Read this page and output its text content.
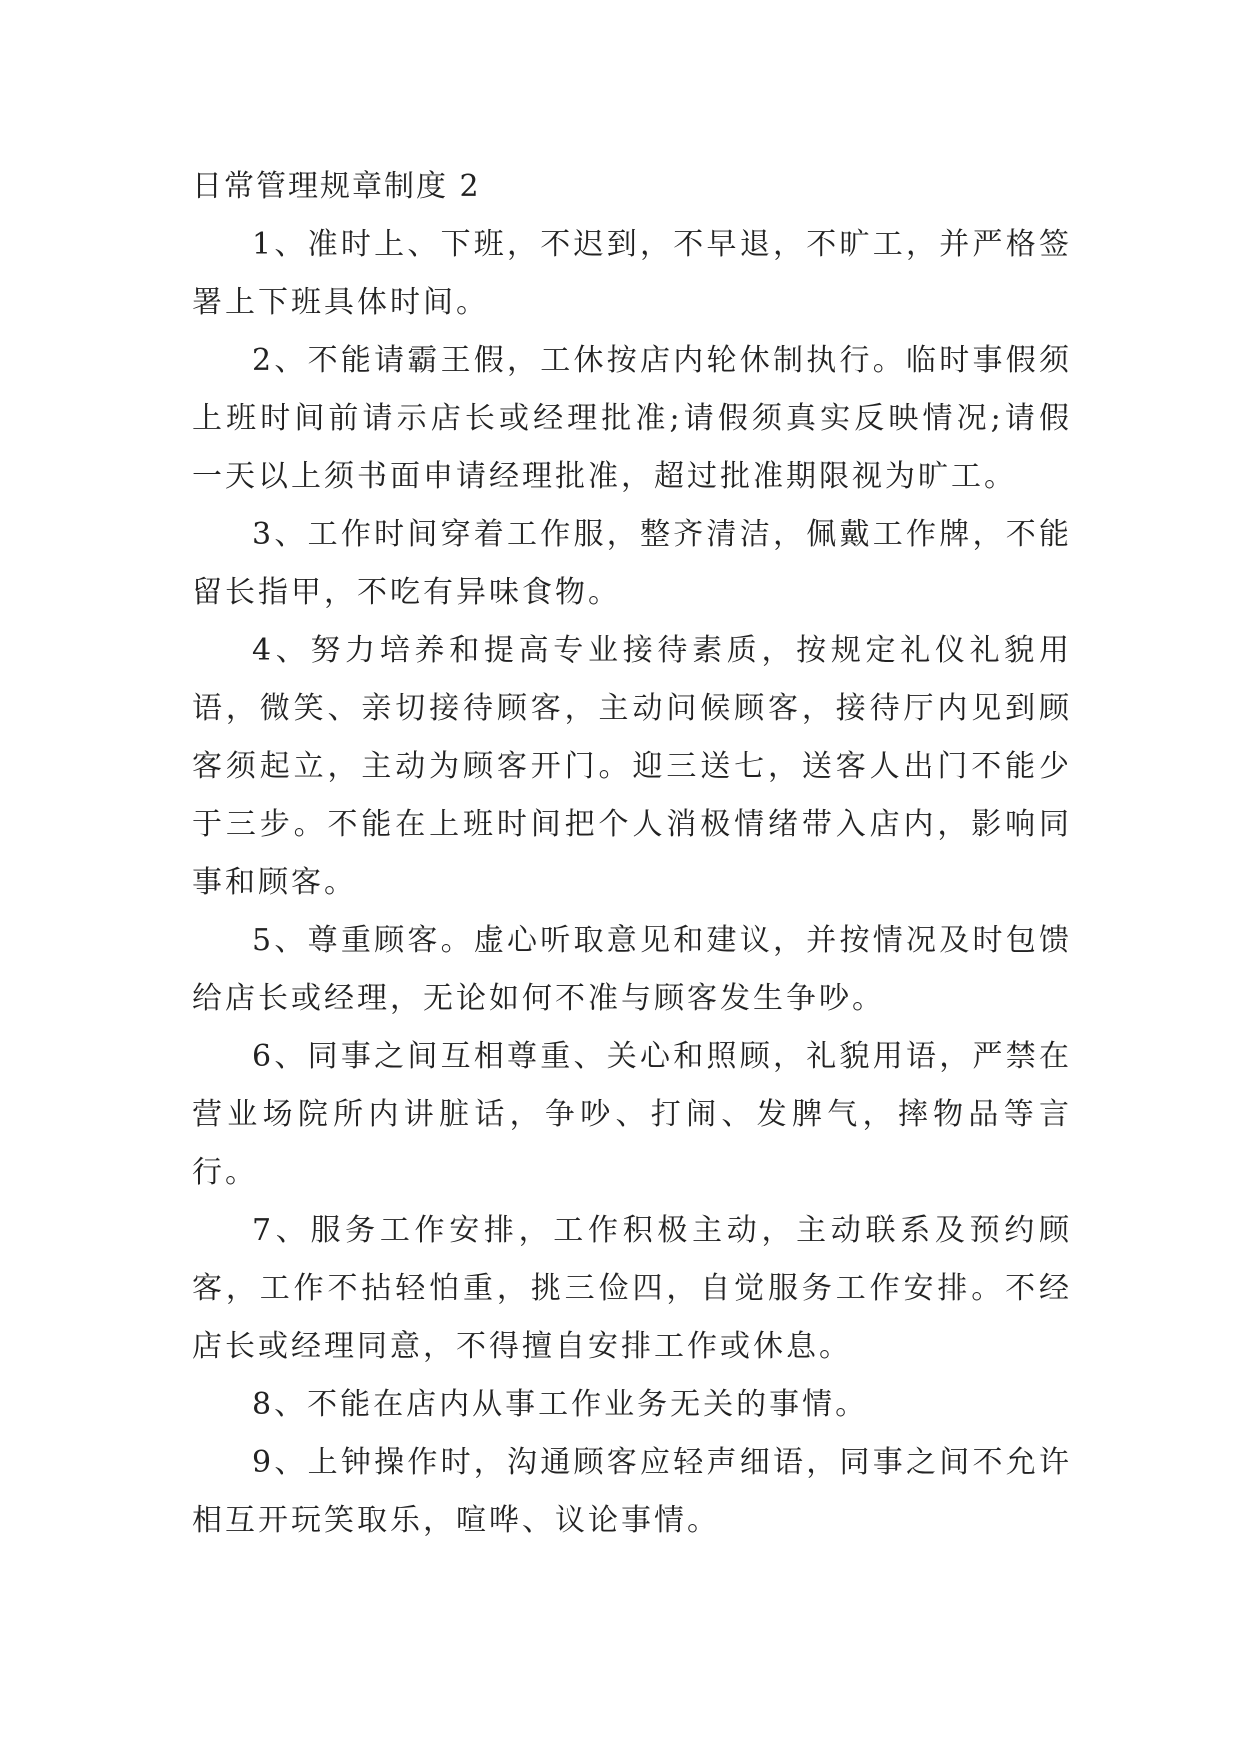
日常管理规章制度 2

1、准时上、下班，不迟到，不早退，不旷工，并严格签署上下班具体时间。

2、不能请霸王假，工休按店内轮休制执行。临时事假须上班时间前请示店长或经理批准;请假须真实反映情况;请假一天以上须书面申请经理批准，超过批准期限视为旷工。

3、工作时间穿着工作服，整齐清洁，佩戴工作牌，不能留长指甲，不吃有异味食物。

4、努力培养和提高专业接待素质，按规定礼仪礼貌用语，微笑、亲切接待顾客，主动问候顾客，接待厅内见到顾客须起立，主动为顾客开门。迎三送七，送客人出门不能少于三步。不能在上班时间把个人消极情绪带入店内，影响同事和顾客。

5、尊重顾客。虚心听取意见和建议，并按情况及时包馈给店长或经理，无论如何不准与顾客发生争吵。

6、同事之间互相尊重、关心和照顾，礼貌用语，严禁在营业场院所内讲脏话，争吵、打闹、发脾气，摔物品等言行。

7、服务工作安排，工作积极主动，主动联系及预约顾客，工作不拈轻怕重，挑三俭四，自觉服务工作安排。不经店长或经理同意，不得擅自安排工作或休息。

8、不能在店内从事工作业务无关的事情。

9、上钟操作时，沟通顾客应轻声细语，同事之间不允许相互开玩笑取乐，喧哗、议论事情。
